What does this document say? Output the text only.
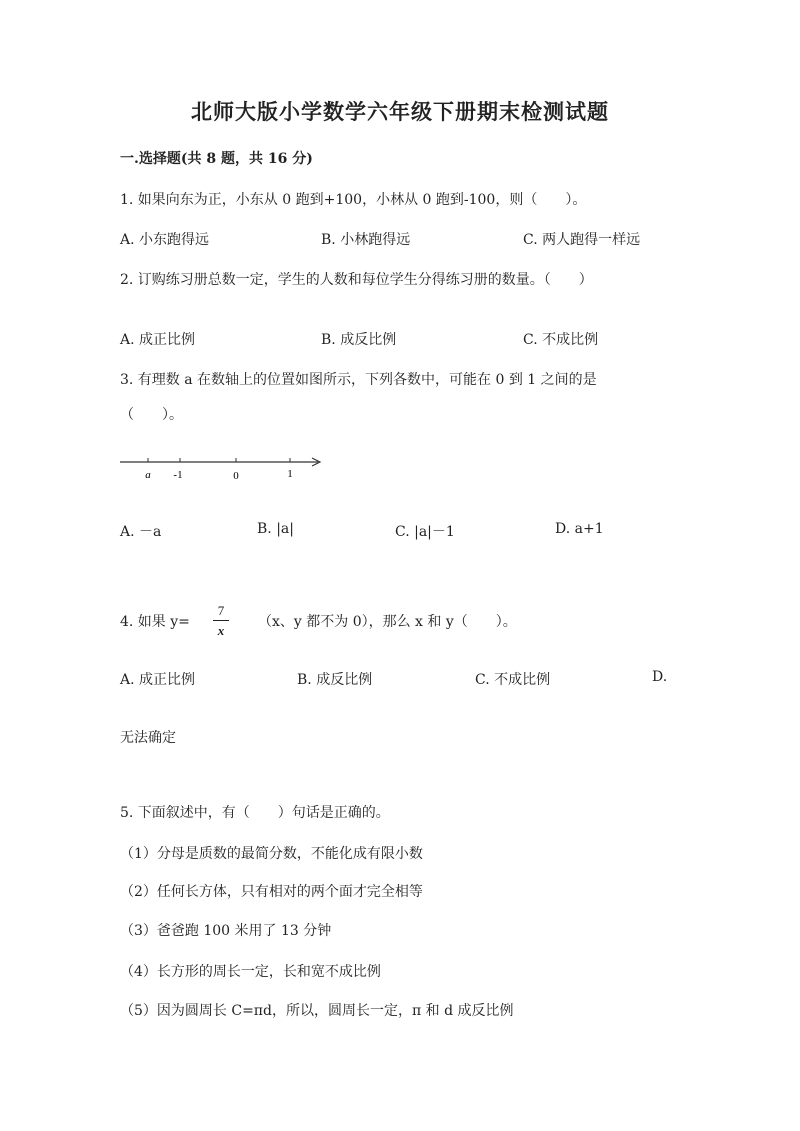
北师大版小学数学六年级下册期末检测试题
一.选择题(共 8 题，共 16 分)
1. 如果向东为正，小东从 0 跑到+100，小林从 0 跑到-100，则（　　）。
A. 小东跑得远	B. 小林跑得远	C. 两人跑得一样远
2. 订购练习册总数一定，学生的人数和每位学生分得练习册的数量。（　　）
A. 成正比例	B. 成反比例	C. 不成比例
3. 有理数 a 在数轴上的位置如图所示，下列各数中，可能在 0 到 1 之间的是
（　　）。
a -1	0	1
A. －a	B. |a|	C. |a|－1	D. a+1
4. 如果 y=
7
x
（x、y 都不为 0），那么 x 和 y（　　）。
A. 成正比例	B. 成反比例	C. 不成比例	D.
无法确定
5. 下面叙述中，有（　　）句话是正确的。
（1）分母是质数的最简分数，不能化成有限小数
（2）任何长方体，只有相对的两个面才完全相等
（3）爸爸跑 100 米用了 13 分钟
（4）长方形的周长一定，长和宽不成比例
（5）因为圆周长 C=πd，所以，圆周长一定，π 和 d 成反比例
